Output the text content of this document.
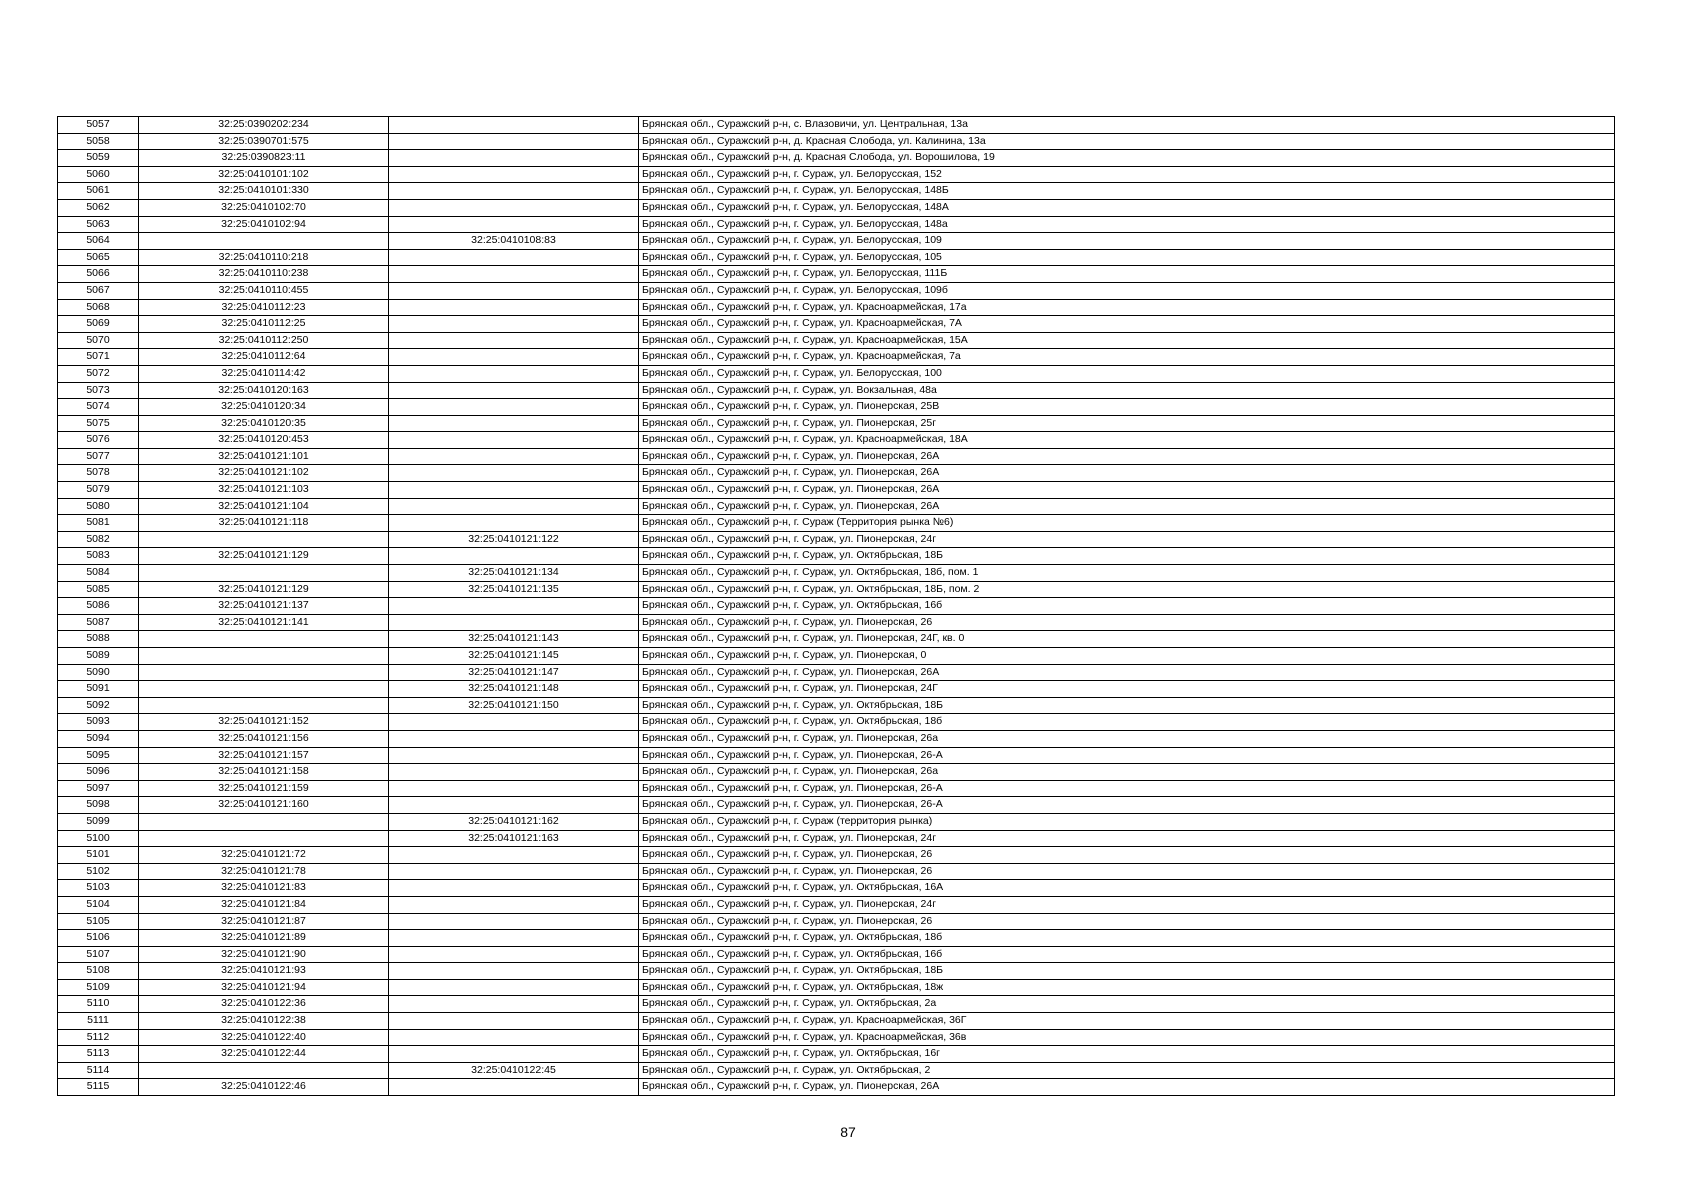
5057	32:25:0390202:234		Брянская обл., Суражский р-н, с. Влазовичи, ул. Центральная, 13а
5058	32:25:0390701:575		Брянская обл., Суражский р-н, д. Красная Слобода, ул. Калинина, 13а
5059	32:25:0390823:11		Брянская обл., Суражский р-н, д. Красная Слобода, ул. Ворошилова, 19
5060	32:25:0410101:102		Брянская обл., Суражский р-н, г. Сураж, ул. Белорусская, 152
5061	32:25:0410101:330		Брянская обл., Суражский р-н, г. Сураж, ул. Белорусская, 148Б
5062	32:25:0410102:70		Брянская обл., Суражский р-н, г. Сураж, ул. Белорусская, 148А
5063	32:25:0410102:94		Брянская обл., Суражский р-н, г. Сураж, ул. Белорусская, 148а
5064		32:25:0410108:83	Брянская обл., Суражский р-н, г. Сураж, ул. Белорусская, 109
5065	32:25:0410110:218		Брянская обл., Суражский р-н, г. Сураж, ул. Белорусская, 105
5066	32:25:0410110:238		Брянская обл., Суражский р-н, г. Сураж, ул. Белорусская, 111Б
5067	32:25:0410110:455		Брянская обл., Суражский р-н, г. Сураж, ул. Белорусская, 109б
5068	32:25:0410112:23		Брянская обл., Суражский р-н, г. Сураж, ул. Красноармейская, 17а
5069	32:25:0410112:25		Брянская обл., Суражский р-н, г. Сураж, ул. Красноармейская, 7А
5070	32:25:0410112:250		Брянская обл., Суражский р-н, г. Сураж, ул. Красноармейская, 15А
5071	32:25:0410112:64		Брянская обл., Суражский р-н, г. Сураж, ул. Красноармейская, 7а
5072	32:25:0410114:42		Брянская обл., Суражский р-н, г. Сураж, ул. Белорусская, 100
5073	32:25:0410120:163		Брянская обл., Суражский р-н, г. Сураж, ул. Вокзальная, 48а
5074	32:25:0410120:34		Брянская обл., Суражский р-н, г. Сураж, ул. Пионерская, 25В
5075	32:25:0410120:35		Брянская обл., Суражский р-н, г. Сураж, ул. Пионерская, 25г
5076	32:25:0410120:453		Брянская обл., Суражский р-н, г. Сураж, ул. Красноармейская, 18А
5077	32:25:0410121:101		Брянская обл., Суражский р-н, г. Сураж, ул. Пионерская, 26А
5078	32:25:0410121:102		Брянская обл., Суражский р-н, г. Сураж, ул. Пионерская, 26А
5079	32:25:0410121:103		Брянская обл., Суражский р-н, г. Сураж, ул. Пионерская, 26А
5080	32:25:0410121:104		Брянская обл., Суражский р-н, г. Сураж, ул. Пионерская, 26А
5081	32:25:0410121:118		Брянская обл., Суражский р-н, г. Сураж (Территория рынка №6)
5082		32:25:0410121:122	Брянская обл., Суражский р-н, г. Сураж, ул. Пионерская, 24г
5083	32:25:0410121:129		Брянская обл., Суражский р-н, г. Сураж, ул. Октябрьская, 18Б
5084		32:25:0410121:134	Брянская обл., Суражский р-н, г. Сураж, ул. Октябрьская, 18б, пом. 1
5085	32:25:0410121:129	32:25:0410121:135	Брянская обл., Суражский р-н, г. Сураж, ул. Октябрьская, 18Б, пом. 2
5086	32:25:0410121:137		Брянская обл., Суражский р-н, г. Сураж, ул. Октябрьская, 16б
5087	32:25:0410121:141		Брянская обл., Суражский р-н, г. Сураж, ул. Пионерская, 26
5088		32:25:0410121:143	Брянская обл., Суражский р-н, г. Сураж, ул. Пионерская, 24Г, кв. 0
5089		32:25:0410121:145	Брянская обл., Суражский р-н, г. Сураж, ул. Пионерская, 0
5090		32:25:0410121:147	Брянская обл., Суражский р-н, г. Сураж, ул. Пионерская, 26А
5091		32:25:0410121:148	Брянская обл., Суражский р-н, г. Сураж, ул. Пионерская, 24Г
5092		32:25:0410121:150	Брянская обл., Суражский р-н, г. Сураж, ул. Октябрьская, 18Б
5093	32:25:0410121:152		Брянская обл., Суражский р-н, г. Сураж, ул. Октябрьская, 18б
5094	32:25:0410121:156		Брянская обл., Суражский р-н, г. Сураж, ул. Пионерская, 26а
5095	32:25:0410121:157		Брянская обл., Суражский р-н, г. Сураж, ул. Пионерская, 26-А
5096	32:25:0410121:158		Брянская обл., Суражский р-н, г. Сураж, ул. Пионерская, 26а
5097	32:25:0410121:159		Брянская обл., Суражский р-н, г. Сураж, ул. Пионерская, 26-А
5098	32:25:0410121:160		Брянская обл., Суражский р-н, г. Сураж, ул. Пионерская, 26-А
5099		32:25:0410121:162	Брянская обл., Суражский р-н, г. Сураж (территория рынка)
5100		32:25:0410121:163	Брянская обл., Суражский р-н, г. Сураж, ул. Пионерская, 24г
5101	32:25:0410121:72		Брянская обл., Суражский р-н, г. Сураж, ул. Пионерская, 26
5102	32:25:0410121:78		Брянская обл., Суражский р-н, г. Сураж, ул. Пионерская, 26
5103	32:25:0410121:83		Брянская обл., Суражский р-н, г. Сураж, ул. Октябрьская, 16А
5104	32:25:0410121:84		Брянская обл., Суражский р-н, г. Сураж, ул. Пионерская, 24г
5105	32:25:0410121:87		Брянская обл., Суражский р-н, г. Сураж, ул. Пионерская, 26
5106	32:25:0410121:89		Брянская обл., Суражский р-н, г. Сураж, ул. Октябрьская, 18б
5107	32:25:0410121:90		Брянская обл., Суражский р-н, г. Сураж, ул. Октябрьская, 16б
5108	32:25:0410121:93		Брянская обл., Суражский р-н, г. Сураж, ул. Октябрьская, 18Б
5109	32:25:0410121:94		Брянская обл., Суражский р-н, г. Сураж, ул. Октябрьская, 18ж
5110	32:25:0410122:36		Брянская обл., Суражский р-н, г. Сураж, ул. Октябрьская, 2а
5111	32:25:0410122:38		Брянская обл., Суражский р-н, г. Сураж, ул. Красноармейская, 36Г
5112	32:25:0410122:40		Брянская обл., Суражский р-н, г. Сураж, ул. Красноармейская, 36в
5113	32:25:0410122:44		Брянская обл., Суражский р-н, г. Сураж, ул. Октябрьская, 16г
5114		32:25:0410122:45	Брянская обл., Суражский р-н, г. Сураж, ул. Октябрьская, 2
5115	32:25:0410122:46		Брянская обл., Суражский р-н, г. Сураж, ул. Пионерская, 26А
87
